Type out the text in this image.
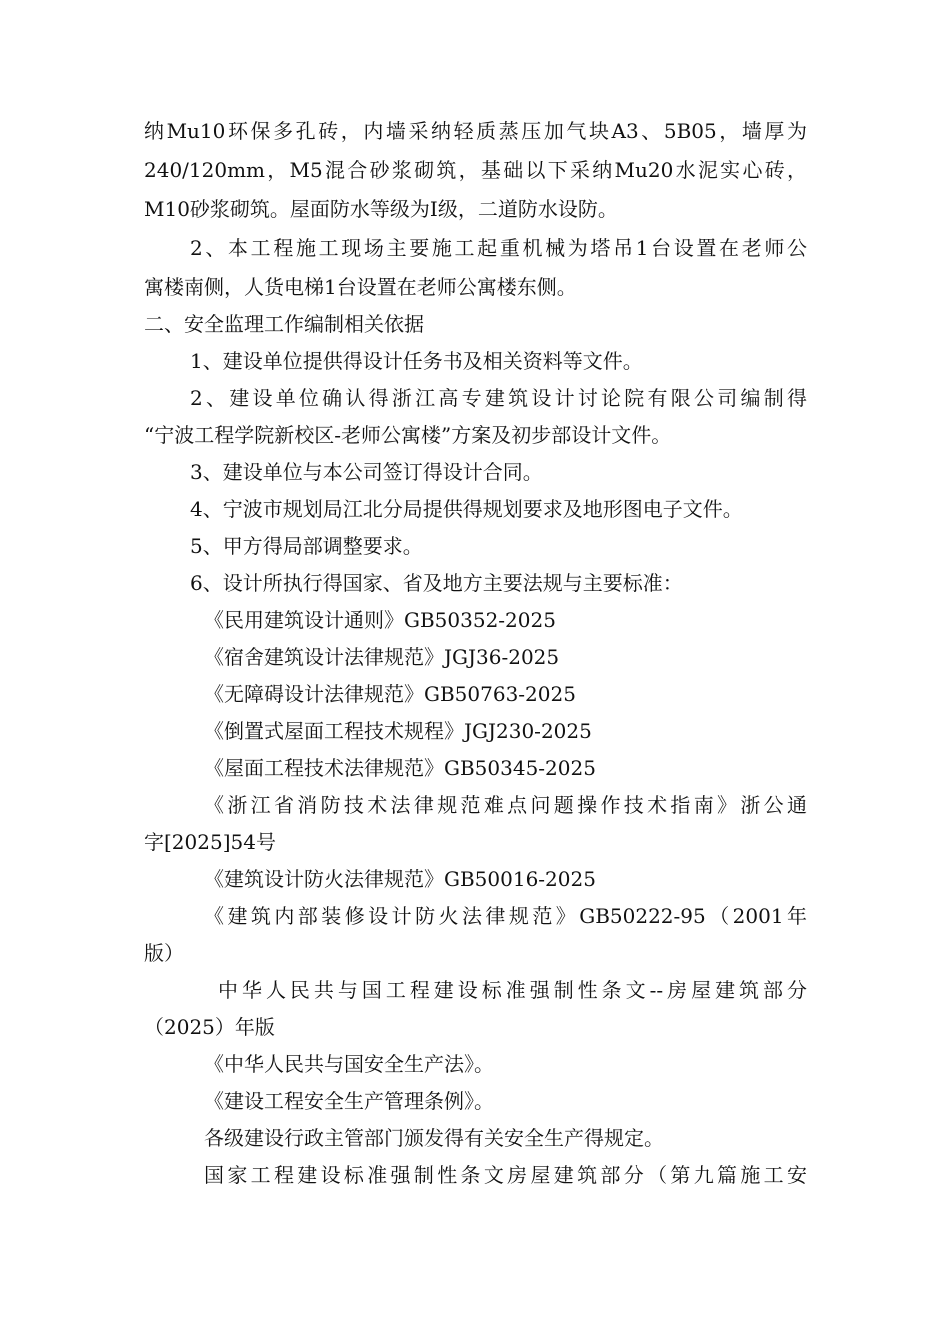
纳Mu10环保多孔砖，内墙采纳轻质蒸压加气块A3、5B05，墙厚为
240/120mm，M5混合砂浆砌筑，基础以下采纳Mu20水泥实心砖，
M10砂浆砌筑。屋面防水等级为Ⅰ级，二道防水设防。
2、本工程施工现场主要施工起重机械为塔吊1台设置在老师公
寓楼南侧，人货电梯1台设置在老师公寓楼东侧。
二、安全监理工作编制相关依据
1、建设单位提供得设计任务书及相关资料等文件。
2、建设单位确认得浙江高专建筑设计讨论院有限公司编制得
“宁波工程学院新校区-老师公寓楼”方案及初步部设计文件。
3、建设单位与本公司签订得设计合同。
4、宁波市规划局江北分局提供得规划要求及地形图电子文件。
5、甲方得局部调整要求。
6、设计所执行得国家、省及地方主要法规与主要标准：
《民用建筑设计通则》GB50352-2025
《宿舍建筑设计法律规范》JGJ36-2025
《无障碍设计法律规范》GB50763-2025
《倒置式屋面工程技术规程》JGJ230-2025
《屋面工程技术法律规范》GB50345-2025
《浙江省消防技术法律规范难点问题操作技术指南》浙公通
字[2025]54号
《建筑设计防火法律规范》GB50016-2025
《建筑内部装修设计防火法律规范》GB50222-95（2001年
版）
中华人民共与国工程建设标准强制性条文--房屋建筑部分
（2025）年版
《中华人民共与国安全生产法》。
《建设工程安全生产管理条例》。
各级建设行政主管部门颁发得有关安全生产得规定。
国家工程建设标准强制性条文房屋建筑部分（第九篇施工安
